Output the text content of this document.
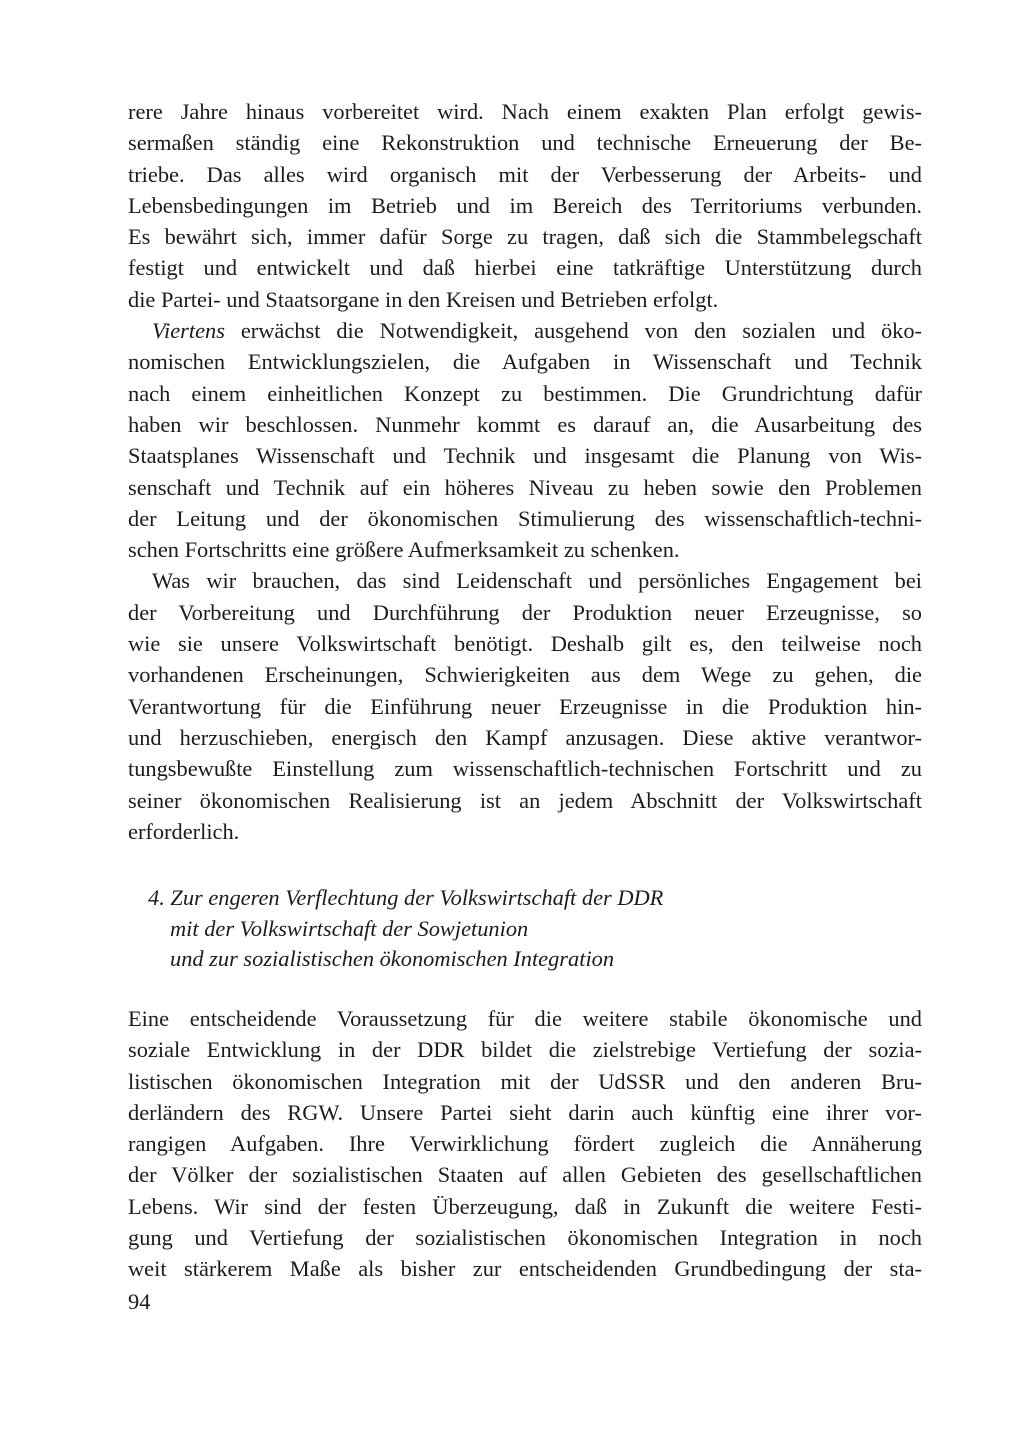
rere Jahre hinaus vorbereitet wird. Nach einem exakten Plan erfolgt gewis-
sermaßen ständig eine Rekonstruktion und technische Erneuerung der Be-
triebe. Das alles wird organisch mit der Verbesserung der Arbeits- und
Lebensbedingungen im Betrieb und im Bereich des Territoriums verbunden.
Es bewährt sich, immer dafür Sorge zu tragen, daß sich die Stammbelegschaft
festigt und entwickelt und daß hierbei eine tatkräftige Unterstützung durch
die Partei- und Staatsorgane in den Kreisen und Betrieben erfolgt.
Viertens erwächst die Notwendigkeit, ausgehend von den sozialen und öko-
nomischen Entwicklungszielen, die Aufgaben in Wissenschaft und Technik
nach einem einheitlichen Konzept zu bestimmen. Die Grundrichtung dafür
haben wir beschlossen. Nunmehr kommt es darauf an, die Ausarbeitung des
Staatsplanes Wissenschaft und Technik und insgesamt die Planung von Wis-
senschaft und Technik auf ein höheres Niveau zu heben sowie den Problemen
der Leitung und der ökonomischen Stimulierung des wissenschaftlich-techni-
schen Fortschritts eine größere Aufmerksamkeit zu schenken.
Was wir brauchen, das sind Leidenschaft und persönliches Engagement bei
der Vorbereitung und Durchführung der Produktion neuer Erzeugnisse, so
wie sie unsere Volkswirtschaft benötigt. Deshalb gilt es, den teilweise noch
vorhandenen Erscheinungen, Schwierigkeiten aus dem Wege zu gehen, die
Verantwortung für die Einführung neuer Erzeugnisse in die Produktion hin-
und herzuschieben, energisch den Kampf anzusagen. Diese aktive verantwor-
tungsbewußte Einstellung zum wissenschaftlich-technischen Fortschritt und zu
seiner ökonomischen Realisierung ist an jedem Abschnitt der Volkswirtschaft
erforderlich.
4. Zur engeren Verflechtung der Volkswirtschaft der DDR
mit der Volkswirtschaft der Sowjetunion
und zur sozialistischen ökonomischen Integration
Eine entscheidende Voraussetzung für die weitere stabile ökonomische und
soziale Entwicklung in der DDR bildet die zielstrebige Vertiefung der sozia-
listischen ökonomischen Integration mit der UdSSR und den anderen Bru-
derländern des RGW. Unsere Partei sieht darin auch künftig eine ihrer vor-
rangigen Aufgaben. Ihre Verwirklichung fördert zugleich die Annäherung
der Völker der sozialistischen Staaten auf allen Gebieten des gesellschaftlichen
Lebens. Wir sind der festen Überzeugung, daß in Zukunft die weitere Festi-
gung und Vertiefung der sozialistischen ökonomischen Integration in noch
weit stärkerem Maße als bisher zur entscheidenden Grundbedingung der sta-
94
